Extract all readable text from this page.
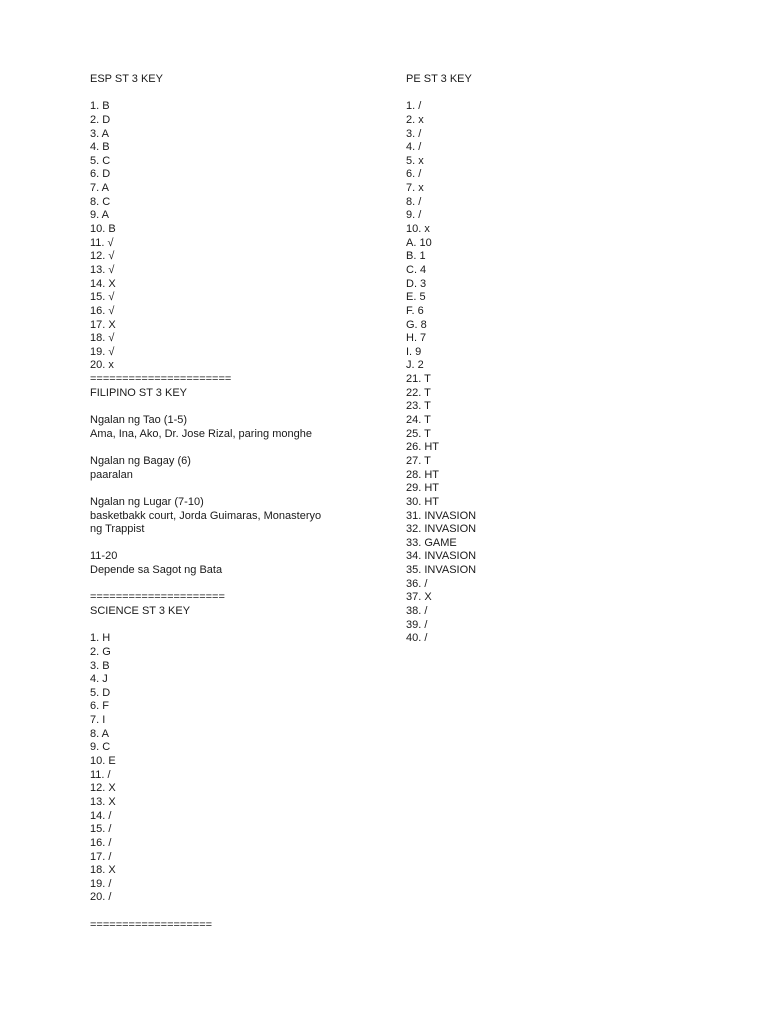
ESP ST 3 KEY
1. B
2. D
3. A
4. B
5. C
6. D
7. A
8. C
9. A
10. B
11. √
12. √
13. √
14. X
15. √
16. √
17. X
18. √
19. √
20. x
======================
FILIPINO ST 3 KEY
Ngalan ng Tao (1-5)
Ama, Ina, Ako, Dr. Jose Rizal, paring monghe
Ngalan ng Bagay (6)
paaralan
Ngalan ng Lugar (7-10)
basketbakk court, Jorda Guimaras, Monasteryo
ng Trappist
11-20
Depende sa Sagot ng Bata
=====================
SCIENCE ST 3 KEY
1. H
2. G
3. B
4. J
5. D
6. F
7. I
8. A
9. C
10. E
11. /
12. X
13. X
14. /
15. /
16. /
17. /
18. X
19. /
20. /
===================
PE ST 3 KEY
1. /
2. x
3. /
4. /
5. x
6. /
7. x
8. /
9. /
10. x
A. 10
B. 1
C. 4
D. 3
E. 5
F. 6
G. 8
H. 7
I. 9
J. 2
21. T
22. T
23. T
24. T
25. T
26. HT
27. T
28. HT
29. HT
30. HT
31. INVASION
32. INVASION
33. GAME
34. INVASION
35. INVASION
36. /
37. X
38. /
39. /
40. /
